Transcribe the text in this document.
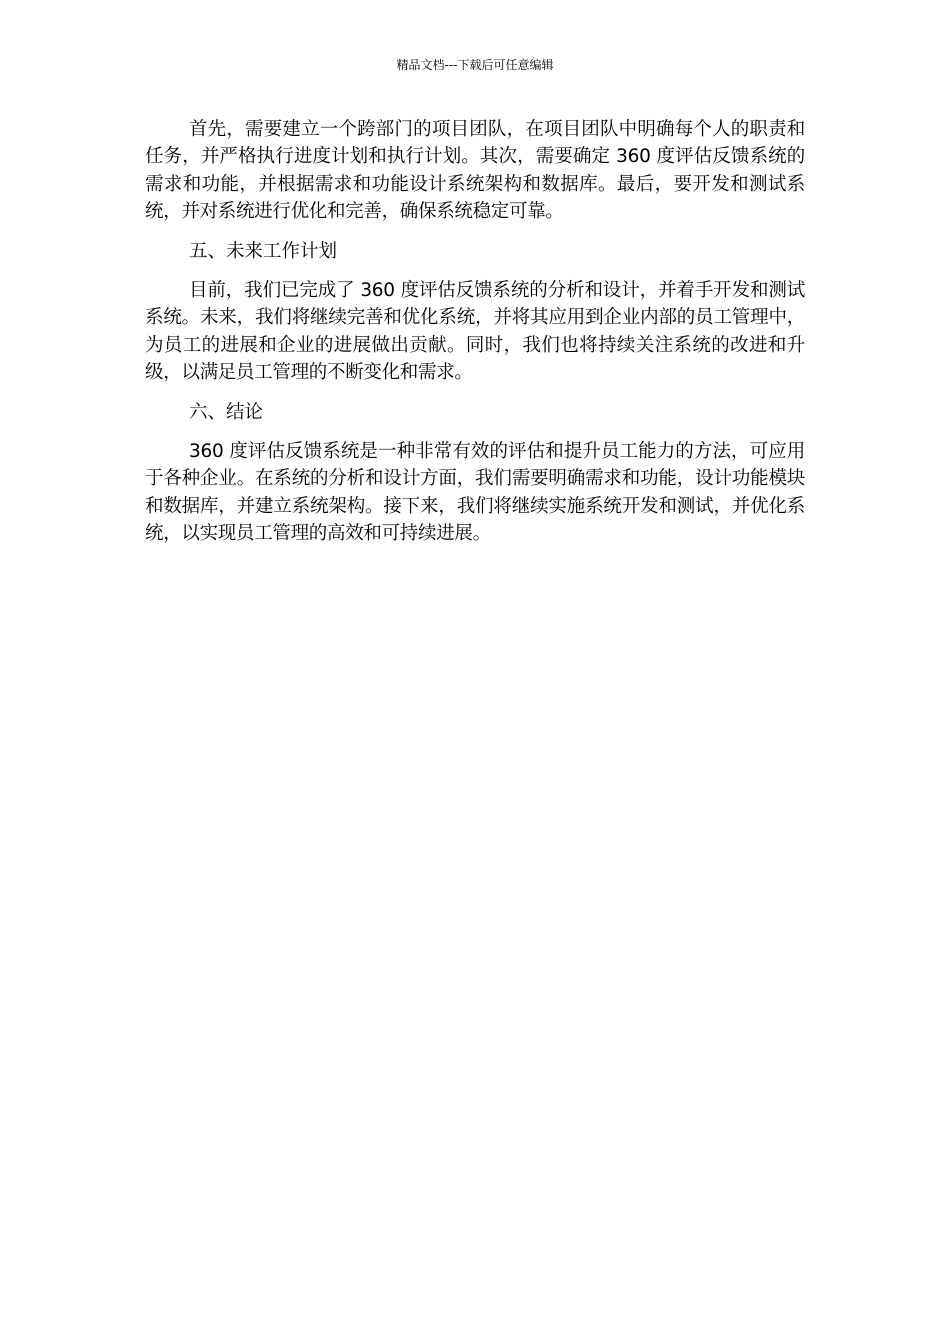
精品文档---下载后可任意编辑

首先，需要建立一个跨部门的项目团队，在项目团队中明确每个人的职责和任务，并严格执行进度计划和执行计划。其次，需要确定 360 度评估反馈系统的需求和功能，并根据需求和功能设计系统架构和数据库。最后，要开发和测试系统，并对系统进行优化和完善，确保系统稳定可靠。

五、未来工作计划

目前，我们已完成了 360 度评估反馈系统的分析和设计，并着手开发和测试系统。未来，我们将继续完善和优化系统，并将其应用到企业内部的员工管理中，为员工的进展和企业的进展做出贡献。同时，我们也将持续关注系统的改进和升级，以满足员工管理的不断变化和需求。

六、结论

360 度评估反馈系统是一种非常有效的评估和提升员工能力的方法，可应用于各种企业。在系统的分析和设计方面，我们需要明确需求和功能，设计功能模块和数据库，并建立系统架构。接下来，我们将继续实施系统开发和测试，并优化系统，以实现员工管理的高效和可持续进展。
